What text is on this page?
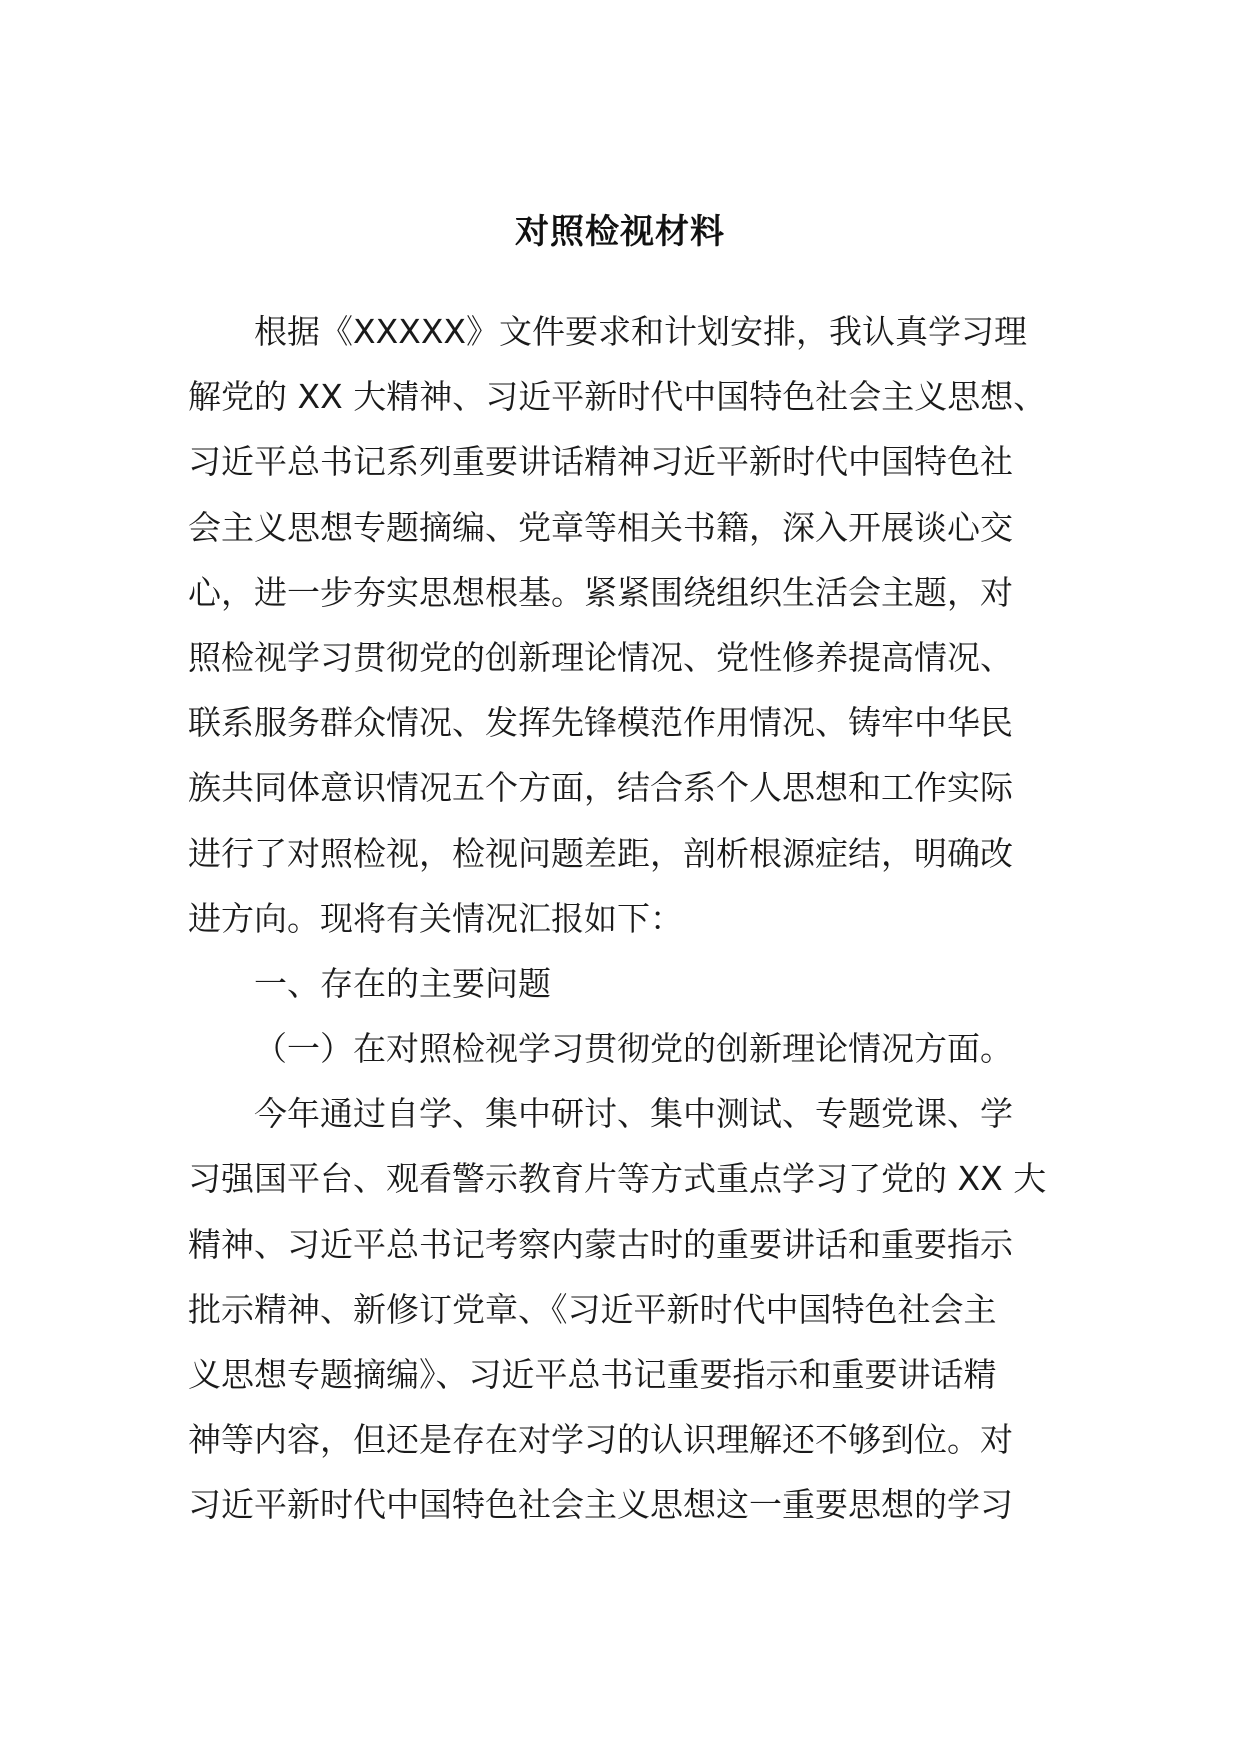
对照检视材料
根据《XXXXX》文件要求和计划安排，我认真学习理
解党的 XX 大精神、习近平新时代中国特色社会主义思想、
习近平总书记系列重要讲话精神习近平新时代中国特色社
会主义思想专题摘编、党章等相关书籍，深入开展谈心交
心，进一步夯实思想根基。紧紧围绕组织生活会主题，对
照检视学习贯彻党的创新理论情况、党性修养提高情况、
联系服务群众情况、发挥先锋模范作用情况、铸牢中华民
族共同体意识情况五个方面，结合系个人思想和工作实际
进行了对照检视，检视问题差距，剖析根源症结，明确改
进方向。现将有关情况汇报如下：
一、存在的主要问题
（一）在对照检视学习贯彻党的创新理论情况方面。
今年通过自学、集中研讨、集中测试、专题党课、学
习强国平台、观看警示教育片等方式重点学习了党的 XX 大
精神、习近平总书记考察内蒙古时的重要讲话和重要指示
批示精神、新修订党章、《习近平新时代中国特色社会主
义思想专题摘编》、习近平总书记重要指示和重要讲话精
神等内容，但还是存在对学习的认识理解还不够到位。对
习近平新时代中国特色社会主义思想这一重要思想的学习
